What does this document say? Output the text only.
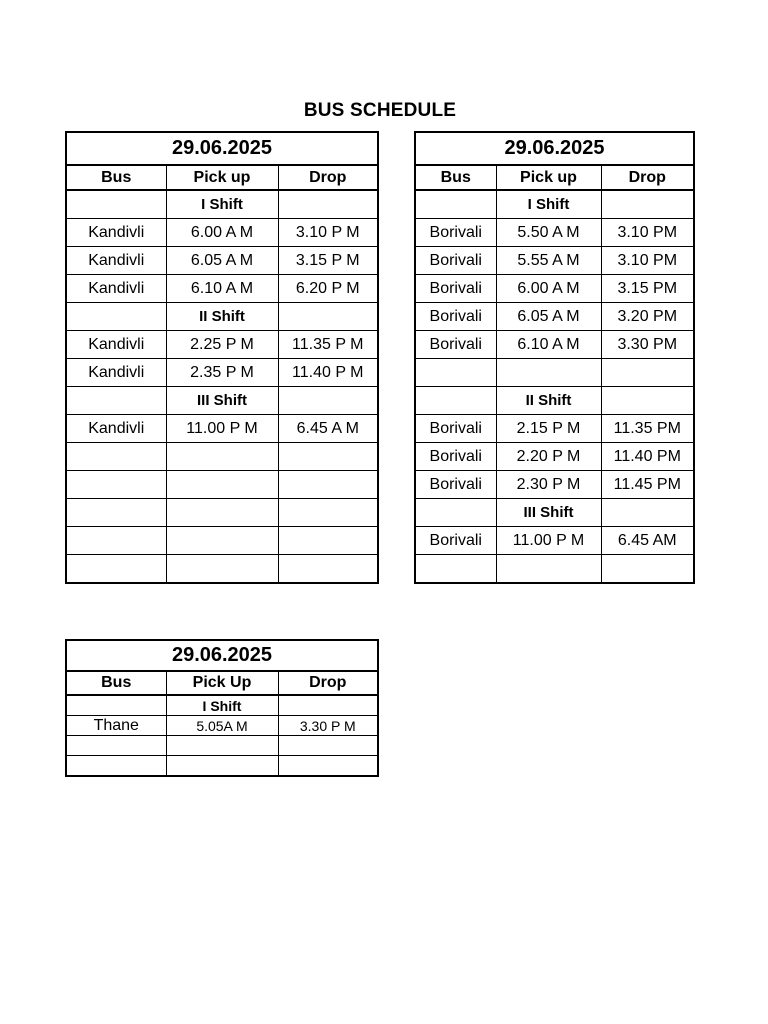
BUS SCHEDULE
29.06.2025		
Bus	Pick up	Drop
	I Shift	
Kandivli	6.00 A M	3.10 P M
Kandivli	6.05 A M	3.15 P M
Kandivli	6.10 A M	6.20 P M
	II Shift	
Kandivli	2.25 P M	11.35 P M
Kandivli	2.35 P M	11.40 P M
	III Shift	
Kandivli	11.00 P M	6.45 A M

29.06.2025		
Bus	Pick up	Drop
	I Shift	
Borivali	5.50 A M	3.10 PM
Borivali	5.55 A M	3.10 PM
Borivali	6.00 A M	3.15 PM
Borivali	6.05 A M	3.20 PM
Borivali	6.10 A M	3.30 PM

	II Shift	
Borivali	2.15 P M	11.35 PM
Borivali	2.20 P M	11.40 PM
Borivali	2.30 P M	11.45 PM
	III Shift	
Borivali	11.00 P M	6.45 AM

29.06.2025		
Bus	Pick Up	Drop
	I Shift	
Thane	5.05A M	3.30 P M
